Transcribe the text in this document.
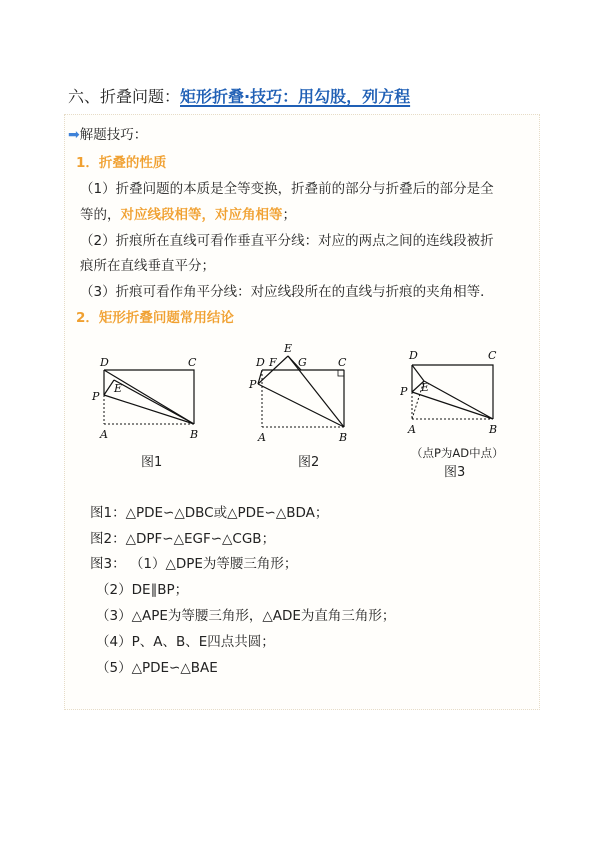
六、折叠问题：矩形折叠·技巧：用勾股，列方程
➡解题技巧：
1．折叠的性质
（1）折叠问题的本质是全等变换，折叠前的部分与折叠后的部分是全
等的，对应线段相等，对应角相等；
（2）折痕所在直线可看作垂直平分线：对应的两点之间的连线段被折
痕所在直线垂直平分；
（3）折痕可看作角平分线：对应线段所在的直线与折痕的夹角相等．
2．矩形折叠问题常用结论
D	C
P
E
A	B
图1
D F
E
G	C
P
A	B
图2
D	C
P E
A	B
（点P为AD中点）
图3
图1：△PDE∽△DBC或△PDE∽△BDA；
图2：△DPF∽△EGF∽△CGB；
图3： （1）△DPE为等腰三角形；
（2）DE∥BP；
（3）△APE为等腰三角形，△ADE为直角三角形；
（4）P、A、B、E四点共圆；
（5）△PDE∽△BAE
